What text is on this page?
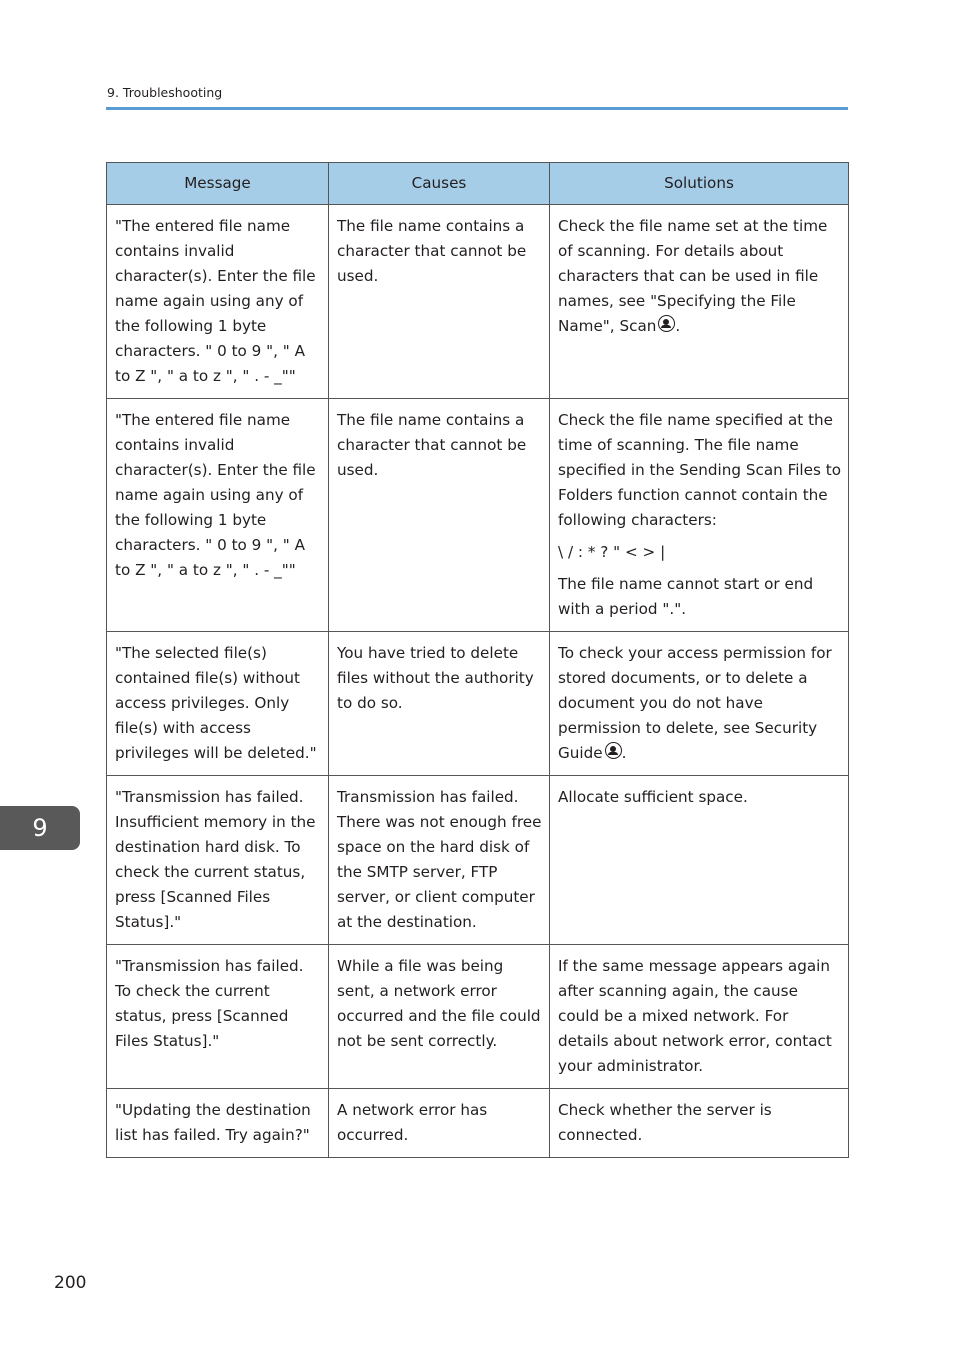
9. Troubleshooting
Message	Causes	Solutions
"The entered file name contains invalid character(s). Enter the file name again using any of the following 1 byte characters. " 0 to 9 ", " A to Z ", " a to z ", " . - _""	The file name contains a character that cannot be used.	Check the file name set at the time of scanning. For details about characters that can be used in file names, see "Specifying the File Name", Scan .

"The entered file name contains invalid character(s). Enter the file name again using any of the following 1 byte characters. " 0 to 9 ", " A to Z ", " a to z ", " . - _""	The file name contains a character that cannot be used.	Check the file name specified at the time of scanning. The file name specified in the Sending Scan Files to Folders function cannot contain the following characters:

\ / : * ? " < > |

The file name cannot start or end with a period ".".

"The selected file(s) contained file(s) without access privileges. Only file(s) with access privileges will be deleted."	You have tried to delete files without the authority to do so.	To check your access permission for stored documents, or to delete a document you do not have permission to delete, see Security Guide .

"Transmission has failed. Insufficient memory in the destination hard disk. To check the current status, press [Scanned Files Status]."	Transmission has failed. There was not enough free space on the hard disk of the SMTP server, FTP server, or client computer at the destination.	Allocate sufficient space.
"Transmission has failed. To check the current status, press [Scanned Files Status]."	While a file was being sent, a network error occurred and the file could not be sent correctly.	If the same message appears again after scanning again, the cause could be a mixed network. For details about network error, contact your administrator.
"Updating the destination list has failed. Try again?"	A network error has occurred.	Check whether the server is connected.
9
200
